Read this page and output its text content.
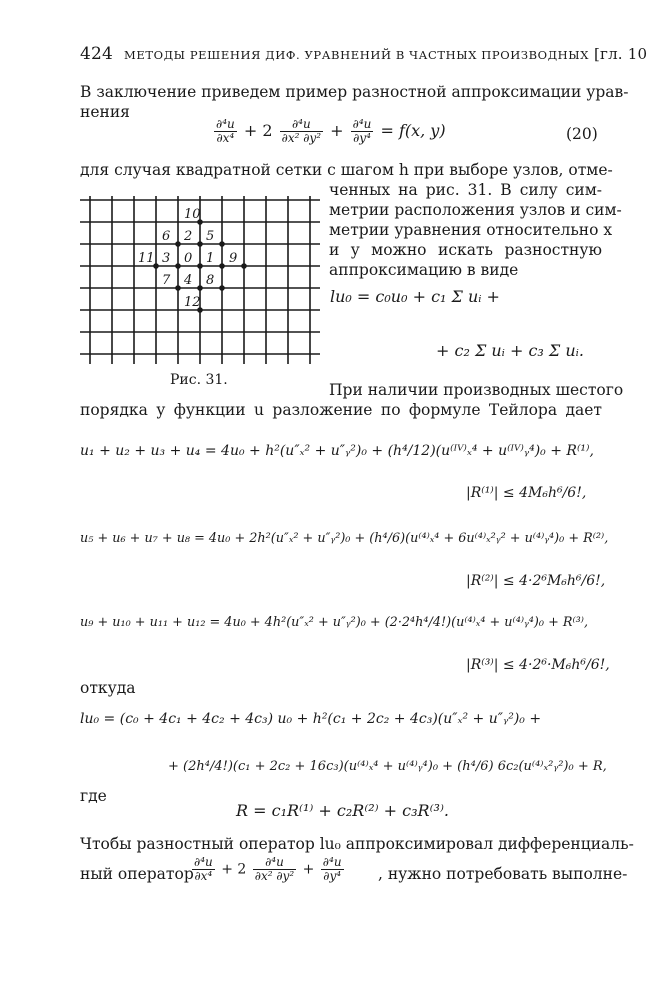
424 МЕТОДЫ РЕШЕНИЯ ДИФ. УРАВНЕНИЙ В ЧАСТНЫХ ПРОИЗВОДНЫХ [гл. 10
В заключение приведем пример разностной аппроксимации урав-
нения
$\frac{\text{∂⁴u}}{\text{∂x⁴}} + 2 \frac{\text{∂⁴u}}{\text{∂x² ∂y²}} + \frac{\text{∂⁴u}}{\text{∂y⁴}} = f(x$, y)	(20)
для случая квадратной сетки с шагом h при выборе узлов, отме-
ченных на рис. 31. В силу сим-
метрии расположения узлов и сим-
метрии уравнения относительно x
и y можно искать разностную
аппроксимацию в виде
10
6 2 5
11 3 0 1 9
7 4 8
12
Рис. 31.
lu₀ = c₀u₀ + c₁ Σ uᵢ +
+ c₂ Σ uᵢ + c₃ Σ uᵢ.
При наличии производных шестого
порядка у функции u разложение по формуле Тейлора дает
u₁ + u₂ + u₃ + u₄ = 4u₀ + h²(u″ₓ² + u″ᵧ²)₀ + (h⁴/12)(u⁽ᴵⱽ⁾ₓ⁴ + u⁽ᴵⱽ⁾ᵧ⁴)₀ + R⁽¹⁾,
|R⁽¹⁾| ≤ 4M₆h⁶/6!,
u₅ + u₆ + u₇ + u₈ = 4u₀ + 2h²(u″ₓ² + u″ᵧ²)₀ + (h⁴/6)(u⁽⁴⁾ₓ⁴ + 6u⁽⁴⁾ₓ²ᵧ² + u⁽⁴⁾ᵧ⁴)₀ + R⁽²⁾,
|R⁽²⁾| ≤ 4·2⁶M₆h⁶/6!,
u₉ + u₁₀ + u₁₁ + u₁₂ = 4u₀ + 4h²(u″ₓ² + u″ᵧ²)₀ + (2·2⁴h⁴/4!)(u⁽⁴⁾ₓ⁴ + u⁽⁴⁾ᵧ⁴)₀ + R⁽³⁾,
|R⁽³⁾| ≤ 4·2⁶·M₆h⁶/6!,
откуда
lu₀ = (c₀ + 4c₁ + 4c₂ + 4c₃) u₀ + h²(c₁ + 2c₂ + 4c₃)(u″ₓ² + u″ᵧ²)₀ +
+ (2h⁴/4!)(c₁ + 2c₂ + 16c₃)(u⁽⁴⁾ₓ⁴ + u⁽⁴⁾ᵧ⁴)₀ + (h⁴/6) 6c₂(u⁽⁴⁾ₓ²ᵧ²)₀ + R,
где
R = c₁R⁽¹⁾ + c₂R⁽²⁾ + c₃R⁽³⁾.
Чтобы разностный оператор lu₀ аппроксимировал дифференциаль-
ный оператор
$\frac{\text{∂⁴u}}{\text{∂x⁴}} + 2 \frac{\text{∂⁴u}}{\text{∂x² ∂y²}} + \frac{\text{∂⁴u}}{\text{∂y⁴}}$ , нужно потребовать выполне-
